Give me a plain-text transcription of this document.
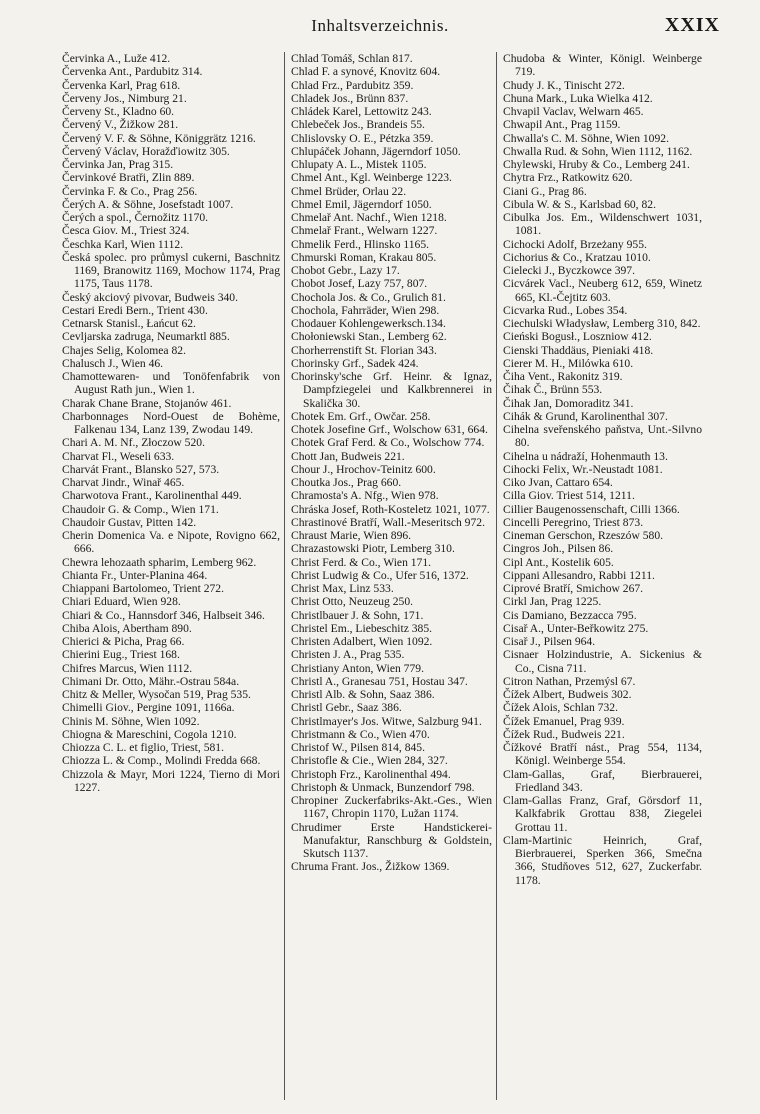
Inhaltsverzeichnis.	XXIX
Červinka A., Luže 412.
Červenka Ant., Pardubitz 314.
Červenka Karl, Prag 618.
Červeny Jos., Nimburg 21.
Červeny St., Kladno 60.
Červený V., Žižkow 281.
Červený V. F. & Söhne, Königgrätz 1216.
Červený Václav, Horažďiowitz 305.
Červinka Jan, Prag 315.
Červinkové Bratři, Zlin 889.
Červinka F. & Co., Prag 256.
Čerých A. & Söhne, Josefstadt 1007.
Čerých a spol., Černožitz 1170.
Česca Giov. M., Triest 324.
Česchka Karl, Wien 1112.
Česká spolec. pro průmysl cukerni, Baschnitz 1169, Branowitz 1169, Mochow 1174, Prag 1175, Taus 1178.
Český akciový pivovar, Budweis 340.
Cestari Eredi Bern., Trient 430.
Cetnarsk Stanisl., Łańcut 62.
Cevljarska zadruga, Neumarktl 885.
Chajes Selig, Kolomea 82.
Chalusch J., Wien 46.
Chamottewaren- und Tonöfenfabrik von August Rath jun., Wien 1.
Charak Chane Brane, Stojanów 461.
Charbonnages Nord-Ouest de Bohème, Falkenau 134, Lanz 139, Zwodau 149.
Chari A. M. Nf., Złoczow 520.
Charvat Fl., Weseli 633.
Charvát Frant., Blansko 527, 573.
Charvat Jindr., Winař 465.
Charwotova Frant., Karolinenthal 449.
Chaudoir G. & Comp., Wien 171.
Chaudoir Gustav, Pitten 142.
Cherin Domenica Va. e Nipote, Rovigno 662, 666.
Chewra lehozaath spharim, Lemberg 962.
Chianta Fr., Unter-Planina 464.
Chiappani Bartolomeo, Trient 272.
Chiari Eduard, Wien 928.
Chiari & Co., Hannsdorf 346, Halbseit 346.
Chiba Alois, Abertham 890.
Chierici & Picha, Prag 66.
Chierini Eug., Triest 168.
Chifres Marcus, Wien 1112.
Chimani Dr. Otto, Mähr.-Ostrau 584a.
Chitz & Meller, Wysočan 519, Prag 535.
Chimelli Giov., Pergine 1091, 1166a.
Chinis M. Söhne, Wien 1092.
Chiogna & Mareschini, Cogola 1210.
Chiozza C. L. et figlio, Triest, 581.
Chiozza L. & Comp., Molindi Fredda 668.
Chizzola & Mayr, Mori 1224, Tierno di Mori 1227.
Chlad Tomáš, Schlan 817.
Chlad F. a synové, Knovitz 604.
Chlad Frz., Pardubitz 359.
Chladek Jos., Brünn 837.
Chládek Karel, Lettowitz 243.
Chlebeček Jos., Brandeis 55.
Chlislovsky O. E., Pétzka 359.
Chlupáček Johann, Jägerndorf 1050.
Chlupaty A. L., Mistek 1105.
Chmel Ant., Kgl. Weinberge 1223.
Chmel Brüder, Orlau 22.
Chmel Emil, Jägerndorf 1050.
Chmelař Ant. Nachf., Wien 1218.
Chmelař Frant., Welwarn 1227.
Chmelik Ferd., Hlinsko 1165.
Chmurski Roman, Krakau 805.
Chobot Gebr., Lazy 17.
Chobot Josef, Lazy 757, 807.
Chochola Jos. & Co., Grulich 81.
Chochola, Fahrräder, Wien 298.
Chodauer Kohlengewerksch.134.
Chołoniewski Stan., Lemberg 62.
Chorherrenstift St. Florian 343.
Chorinsky Grf., Sadek 424.
Chorinsky'sche Grf. Heinr. & Ignaz, Dampfziegelei und Kalkbrennerei in Skalička 30.
Chotek Em. Grf., Owčar. 258.
Chotek Josefine Grf., Wolschow 631, 664.
Chotek Graf Ferd. & Co., Wolschow 774.
Chott Jan, Budweis 221.
Chour J., Hrochov-Teinitz 600.
Choutka Jos., Prag 660.
Chramosta's A. Nfg., Wien 978.
Chráska Josef, Roth-Kosteletz 1021, 1077.
Chrastinové Bratří, Wall.-Meseritsch 972.
Chraust Marie, Wien 896.
Chrazastowski Piotr, Lemberg 310.
Christ Ferd. & Co., Wien 171.
Christ Ludwig & Co., Ufer 516, 1372.
Christ Max, Linz 533.
Christ Otto, Neuzeug 250.
Christlbauer J. & Sohn, 171.
Christel Em., Liebeschitz 385.
Christen Adalbert, Wien 1092.
Christen J. A., Prag 535.
Christiany Anton, Wien 779.
Christl A., Granesau 751, Hostau 347.
Christl Alb. & Sohn, Saaz 386.
Christl Gebr., Saaz 386.
Christlmayer's Jos. Witwe, Salzburg 941.
Christmann & Co., Wien 470.
Christof W., Pilsen 814, 845.
Christofle & Cie., Wien 284, 327.
Christoph Frz., Karolinenthal 494.
Christoph & Unmack, Bunzendorf 798.
Chropiner Zuckerfabriks-Akt.-Ges., Wien 1167, Chropin 1170, Lužan 1174.
Chrudimer Erste Handstickerei-Manufaktur, Ranschburg & Goldstein, Skutsch 1137.
Chruma Frant. Jos., Žižkow 1369.
Chudoba & Winter, Königl. Weinberge 719.
Chudy J. K., Tinischt 272.
Chuna Mark., Luka Wielka 412.
Chvapil Vaclav, Welwarn 465.
Chwapil Ant., Prag 1159.
Chwalla's C. M. Söhne, Wien 1092.
Chwalla Rud. & Sohn, Wien 1112, 1162.
Chylewski, Hruby & Co., Lemberg 241.
Chytra Frz., Ratkowitz 620.
Ciani G., Prag 86.
Cibula W. & S., Karlsbad 60, 82.
Cibulka Jos. Em., Wildenschwert 1031, 1081.
Cichocki Adolf, Brzeżany 955.
Cichorius & Co., Kratzau 1010.
Cielecki J., Byczkowce 397.
Cicvárek Vacl., Neuberg 612, 659, Winetz 665, Kl.-Čejtitz 603.
Cicvarka Rud., Lobes 354.
Ciechulski Władysław, Lemberg 310, 842.
Cieński Bogusł., Loszniow 412.
Cienski Thaddäus, Pieniaki 418.
Cierer M. H., Milówka 610.
Čiha Vent., Rakonitz 319.
Čihak Č., Brünn 553.
Čihak Jan, Domoraditz 341.
Cihák & Grund, Karolinenthal 307.
Cihelna sveřenského paňstva, Unt.-Silvno 80.
Cihelna u nádraží, Hohenmauth 13.
Cihocki Felix, Wr.-Neustadt 1081.
Ciko Jvan, Cattaro 654.
Cilla Giov. Triest 514, 1211.
Cillier Baugenossenschaft, Cilli 1366.
Cincelli Peregrino, Triest 873.
Cineman Gerschon, Rzeszów 580.
Cingros Joh., Pilsen 86.
Cipl Ant., Kostelik 605.
Cippani Allesandro, Rabbi 1211.
Ciprové Bratří, Smichow 267.
Cirkl Jan, Prag 1225.
Cis Damiano, Bezzacca 795.
Cisař A., Unter-Beřkowitz 275.
Cisař J., Pilsen 964.
Cisnaer Holzindustrie, A. Sickenius & Co., Cisna 711.
Citron Nathan, Przemýsl 67.
Čížek Albert, Budweis 302.
Čížek Alois, Schlan 732.
Čížek Emanuel, Prag 939.
Čížek Rud., Budweis 221.
Čížkové Bratří nást., Prag 554, 1134, Königl. Weinberge 554.
Clam-Gallas, Graf, Bierbrauerei, Friedland 343.
Clam-Gallas Franz, Graf, Görsdorf 11, Kalkfabrik Grottau 838, Ziegelei Grottau 11.
Clam-Martinic Heinrich, Graf, Bierbrauerei, Sperken 366, Smečna 366, Studňoves 512, 627, Zuckerfabr. 1178.
